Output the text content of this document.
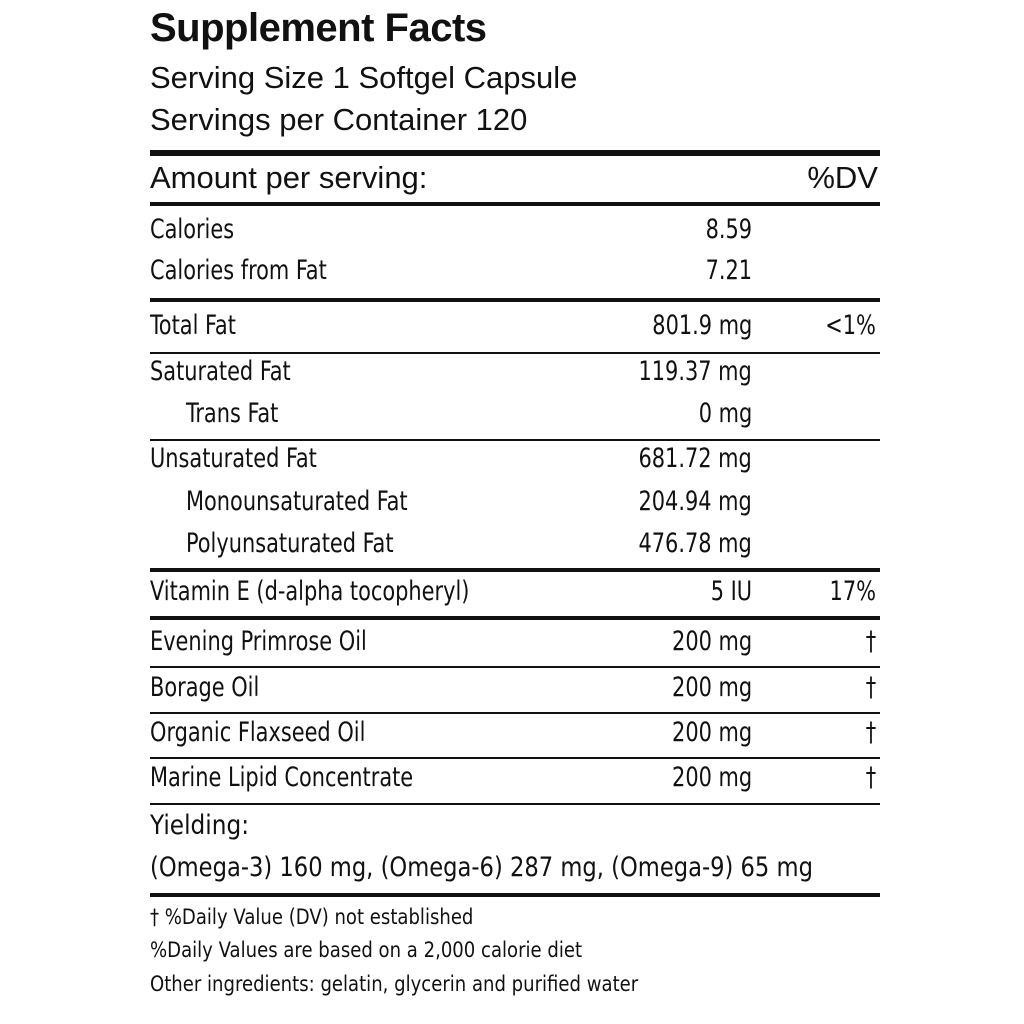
Supplement Facts
Serving Size 1 Softgel Capsule
Servings per Container 120
Amount per serving:	%DV
Calories	8.59
Calories from Fat	7.21
Total Fat	801.9 mg	<1%
Saturated Fat	119.37 mg
Trans Fat	0 mg
Unsaturated Fat	681.72 mg
Monounsaturated Fat	204.94 mg
Polyunsaturated Fat	476.78 mg
Vitamin E (d-alpha tocopheryl)	5 IU	17%
Evening Primrose Oil	200 mg	†
Borage Oil	200 mg	†
Organic Flaxseed Oil	200 mg	†
Marine Lipid Concentrate	200 mg	†
Yielding:
(Omega-3) 160 mg, (Omega-6) 287 mg, (Omega-9) 65 mg
† %Daily Value (DV) not established
%Daily Values are based on a 2,000 calorie diet
Other ingredients: gelatin, glycerin and purified water
